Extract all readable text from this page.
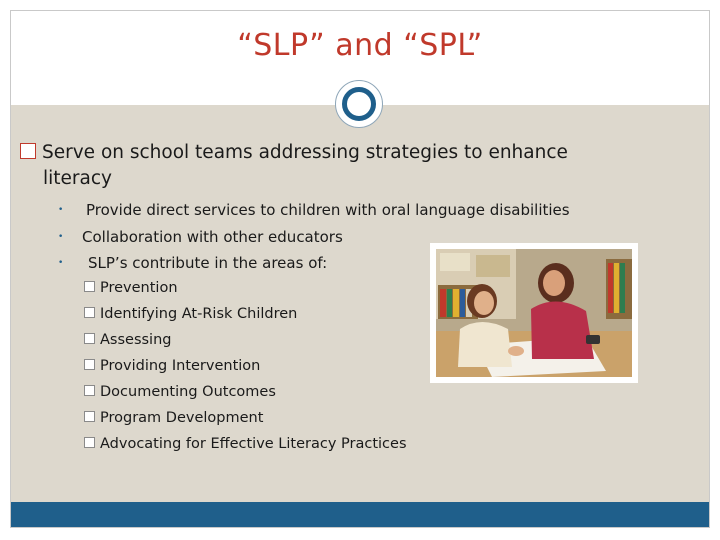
“SLP” and “SPL”
Serve on school teams addressing strategies to enhance
literacy
• Provide direct services to children with oral language disabilities
• Collaboration with other educators
• SLP’s contribute in the areas of:
Prevention
Identifying At-Risk Children
Assessing
Providing Intervention
Documenting Outcomes
Program Development
Advocating for Effective Literacy Practices
